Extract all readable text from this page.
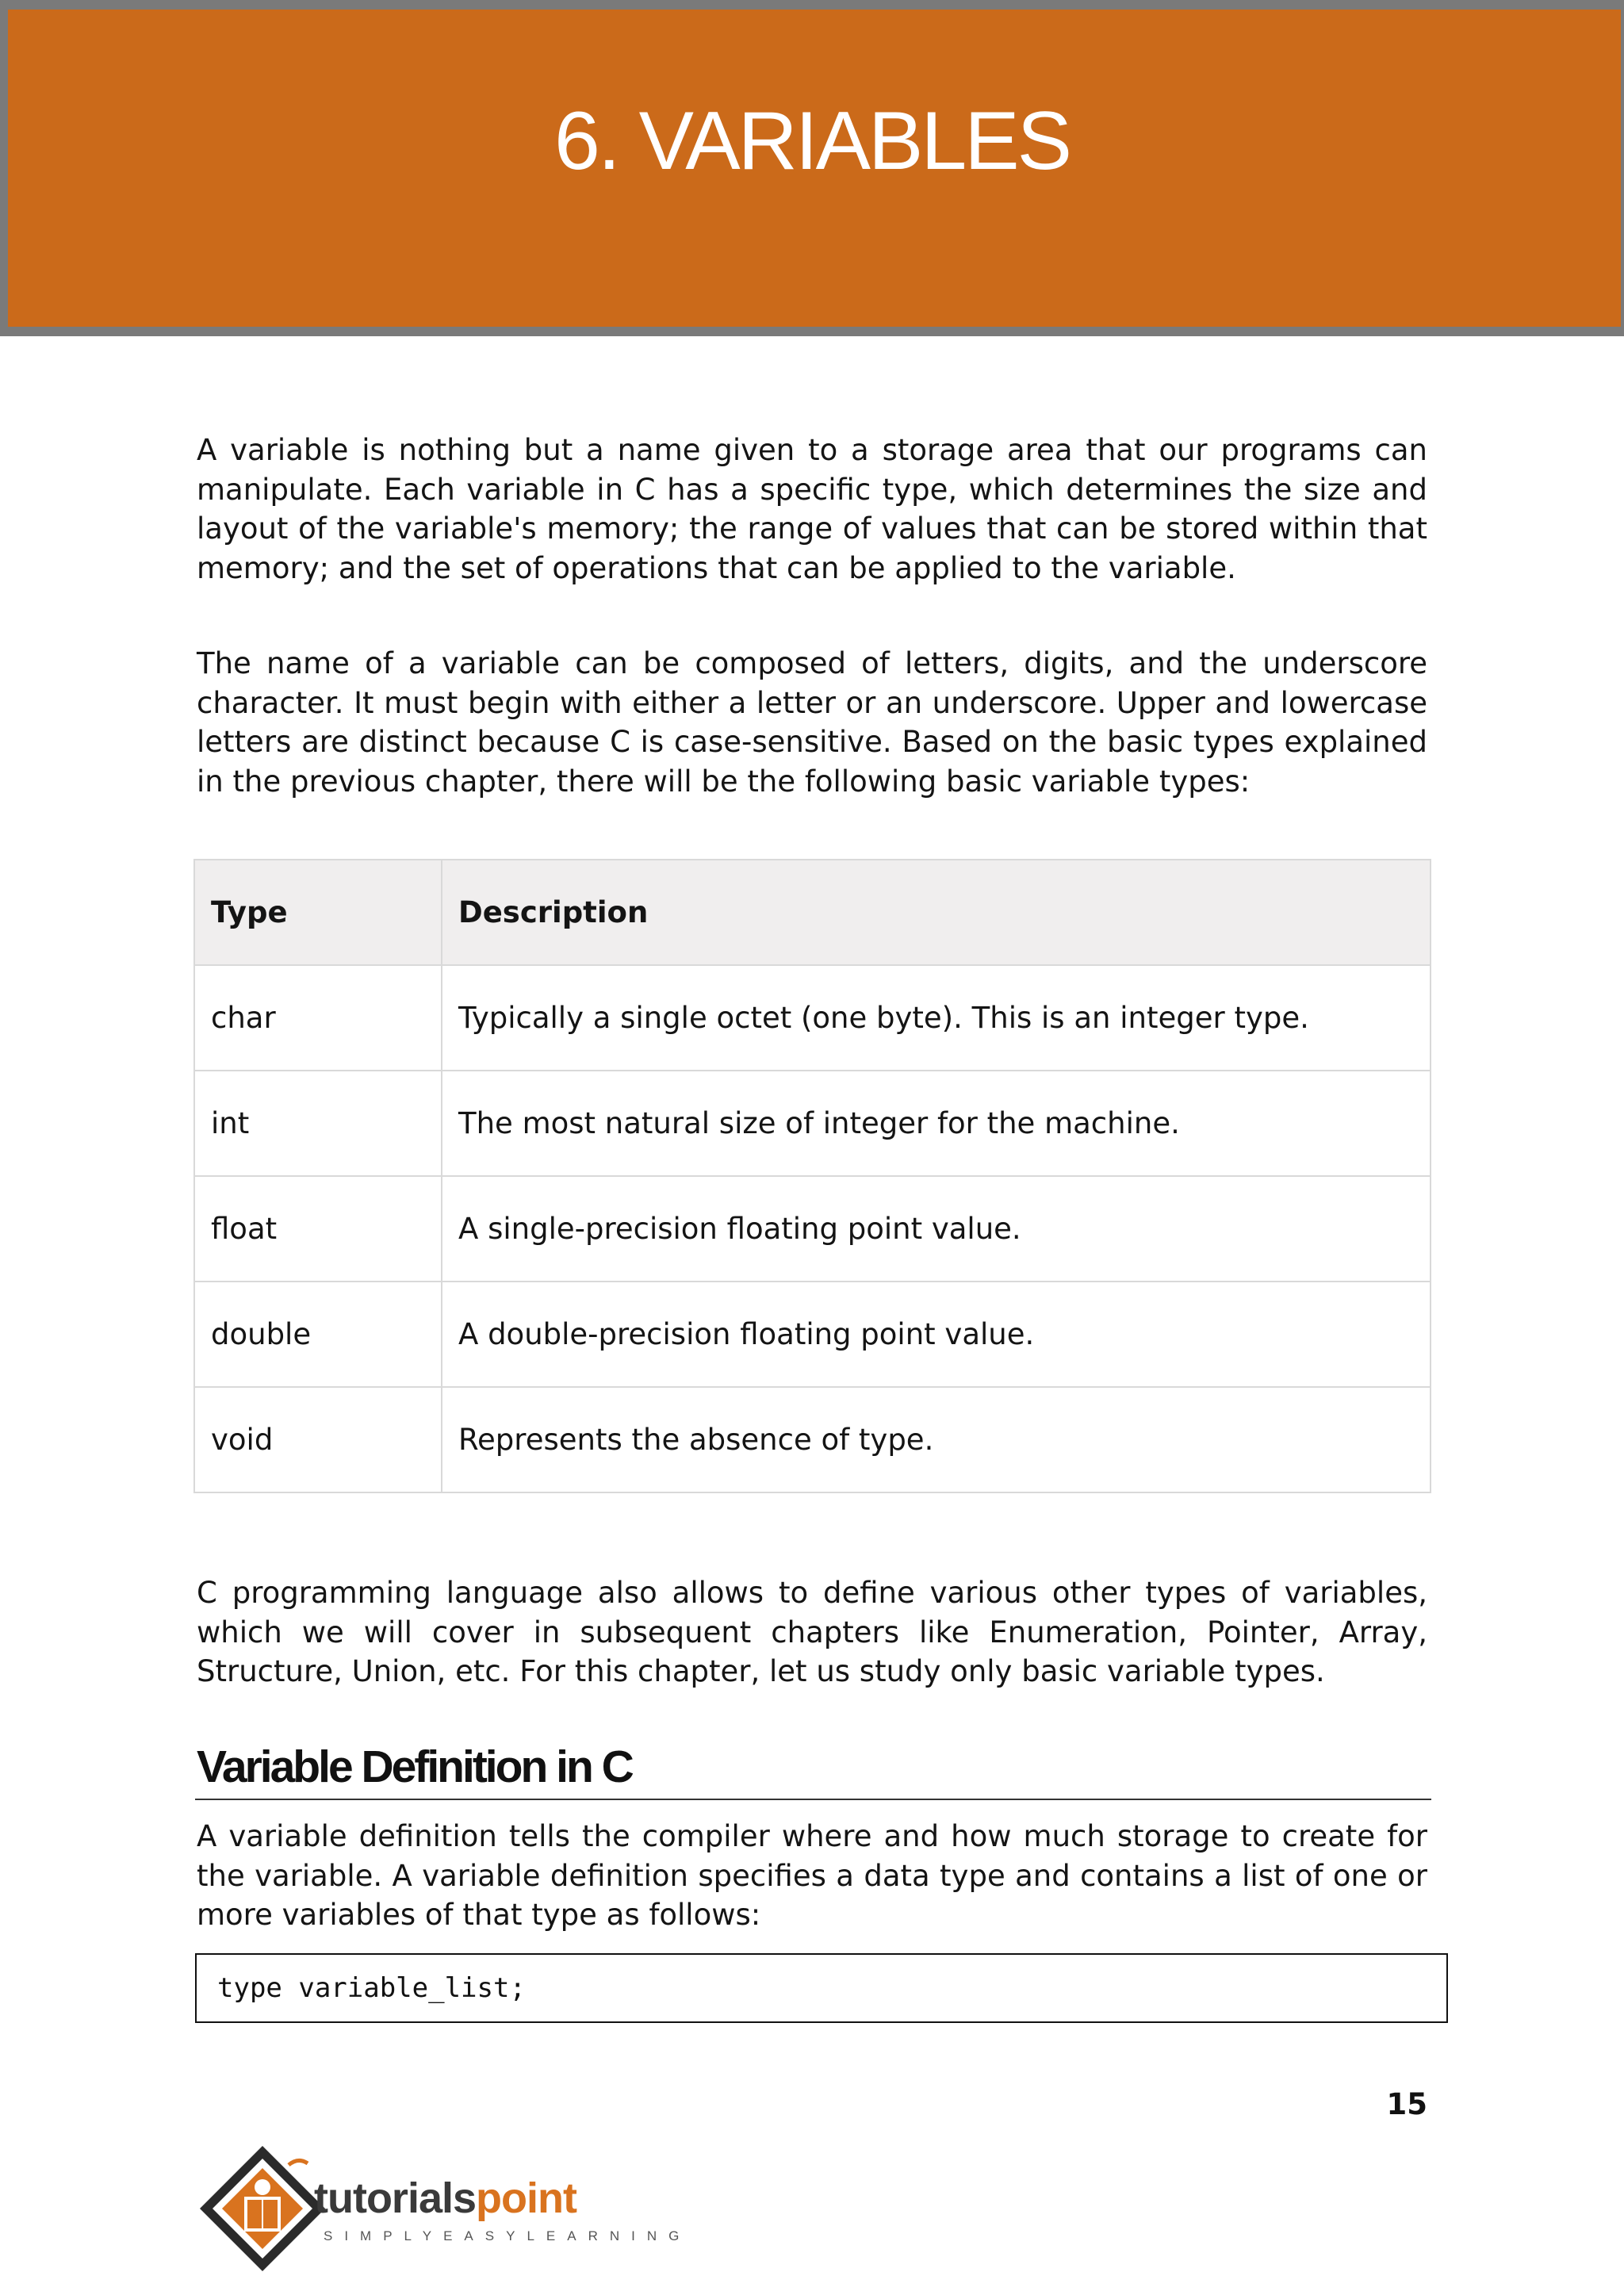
6. VARIABLES

A variable is nothing but a name given to a storage area that our programs can manipulate. Each variable in C has a specific type, which determines the size and layout of the variable's memory; the range of values that can be stored within that memory; and the set of operations that can be applied to the variable.

The name of a variable can be composed of letters, digits, and the underscore character. It must begin with either a letter or an underscore. Upper and lowercase letters are distinct because C is case-sensitive. Based on the basic types explained in the previous chapter, there will be the following basic variable types:

Type	Description
char	Typically a single octet (one byte). This is an integer type.
int	The most natural size of integer for the machine.
float	A single-precision floating point value.
double	A double-precision floating point value.
void	Represents the absence of type.

C programming language also allows to define various other types of variables, which we will cover in subsequent chapters like Enumeration, Pointer, Array, Structure, Union, etc. For this chapter, let us study only basic variable types.

Variable Definition in C

A variable definition tells the compiler where and how much storage to create for the variable. A variable definition specifies a data type and contains a list of one or more variables of that type as follows:

type variable_list;
15
tutorialspoint
SIMPLYEASYLEARNING
